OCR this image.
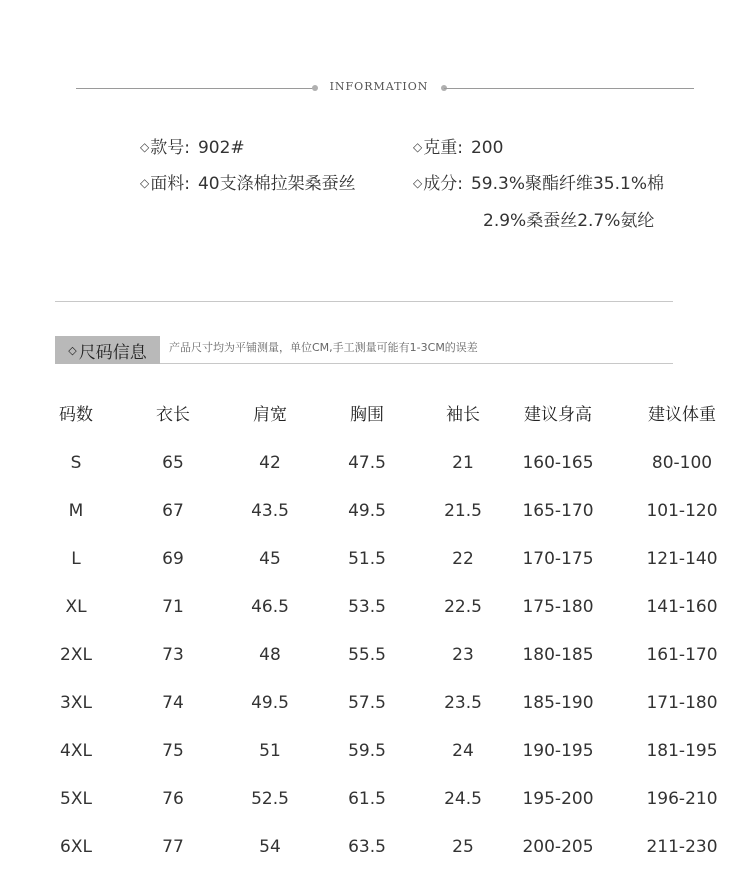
INFORMATION
◇款号: 902#	◇克重: 200
◇面料: 40支涤棉拉架桑蚕丝	◇成分: 59.3%聚酯纤维35.1%棉
2.9%桑蚕丝2.7%氨纶
◇ 尺码信息 产品尺寸均为平铺测量，单位CM,手工测量可能有1-3CM的误差
码数	衣长	肩宽	胸围	袖长	建议身高	建议体重
S	65	42	47.5	21	160-165	80-100
M	67	43.5	49.5	21.5	165-170	101-120
L	69	45	51.5	22	170-175	121-140
XL	71	46.5	53.5	22.5	175-180	141-160
2XL	73	48	55.5	23	180-185	161-170
3XL	74	49.5	57.5	23.5	185-190	171-180
4XL	75	51	59.5	24	190-195	181-195
5XL	76	52.5	61.5	24.5	195-200	196-210
6XL	77	54	63.5	25	200-205	211-230
